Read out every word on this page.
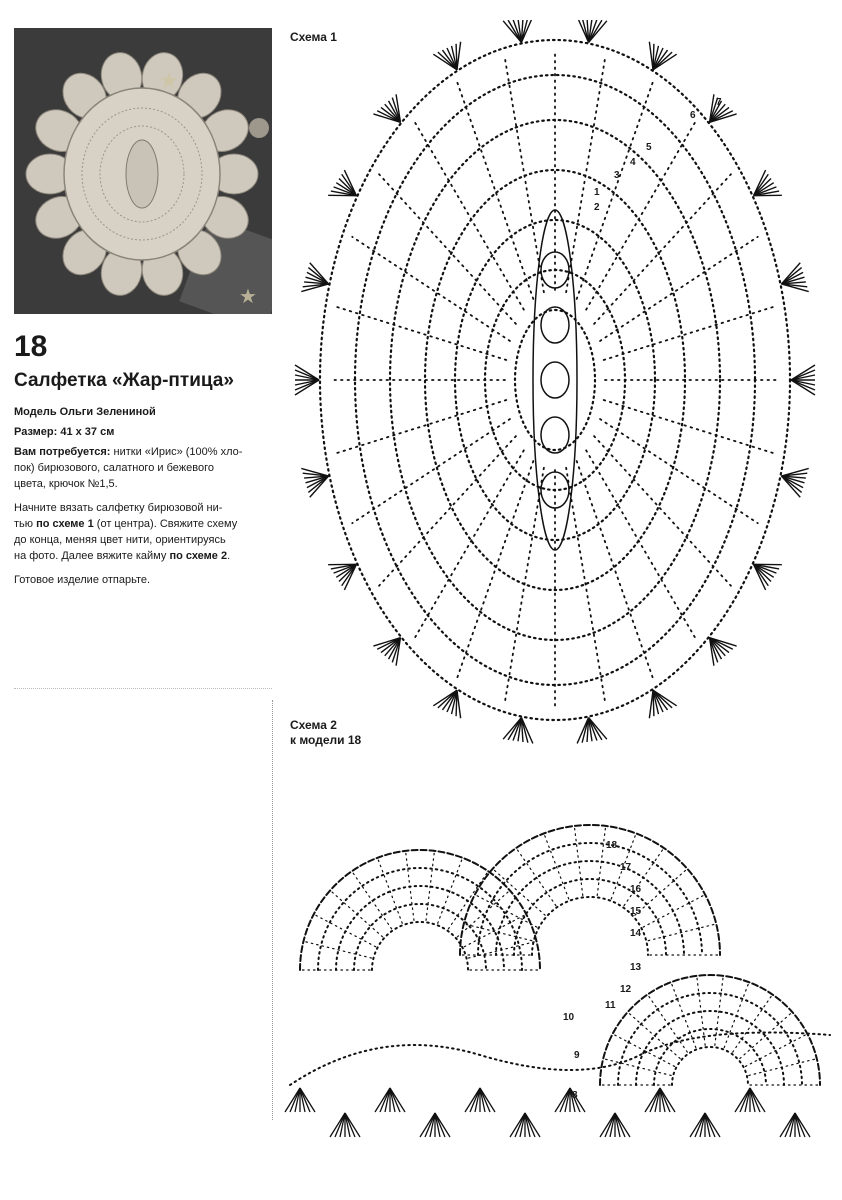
★
★

18

Салфетка «Жар-птица»

Модель Ольги Зелениной

Размер: 41 х 37 см

Вам потребуется: нитки «Ирис» (100% хло-

пок) бирюзового, салатного и бежевого

цвета, крючок №1,5.

Начните вязать салфетку бирюзовой ни-

тью по схеме 1 (от центра). Свяжите схему

до конца, меняя цвет нити, ориентируясь

на фото. Далее вяжите кайму по схеме 2.

Готовое изделие отпарьте.

Схема 1
1
2
3
4
5
6
7
Схема 2
к модели 18
8
9
10
11
12
13
14
15
16
17
18
